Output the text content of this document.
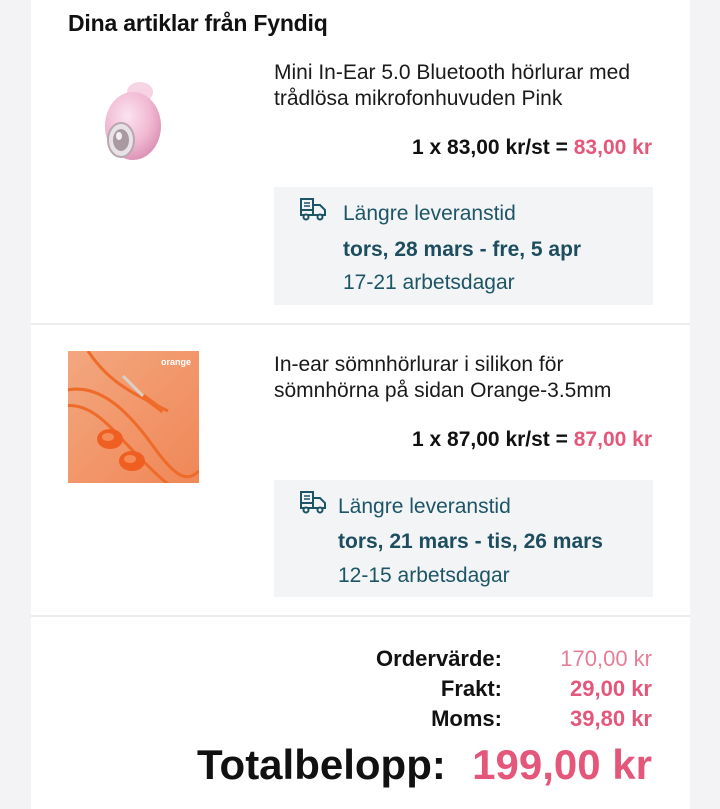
Dina artiklar från Fyndiq
Mini In-Ear 5.0 Bluetooth hörlurar med trådlösa mikrofonhuvuden Pink
1 x 83,00 kr/st = 83,00 kr
Längre leveranstid
tors, 28 mars - fre, 5 apr
17-21 arbetsdagar
orange	In-ear sömnhörlurar i silikon för sömnhörna på sidan Orange-3.5mm
1 x 87,00 kr/st = 87,00 kr
Längre leveranstid
tors, 21 mars - tis, 26 mars
12-15 arbetsdagar
Ordervärde:	170,00 kr
Frakt:	29,00 kr
Moms:	39,80 kr
Totalbelopp: 199,00 kr
